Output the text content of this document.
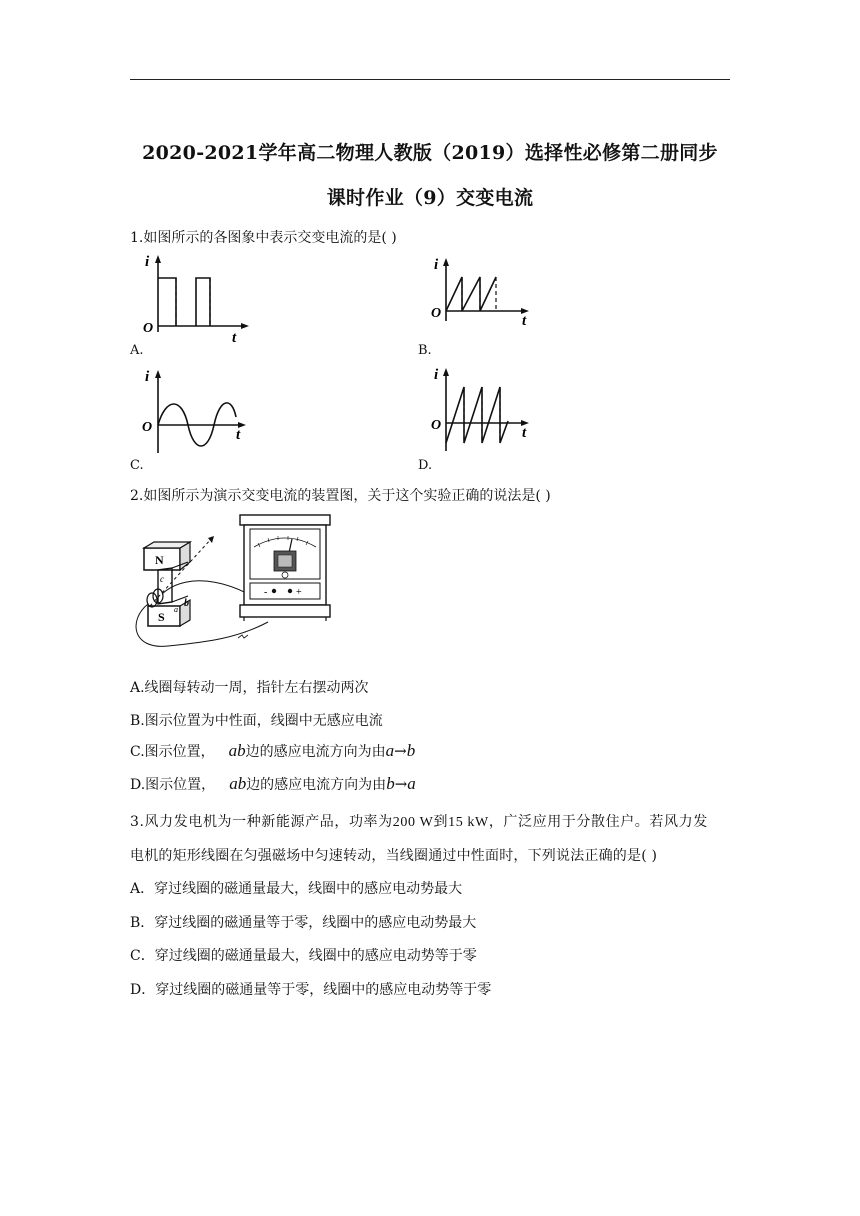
2020-2021学年高二物理人教版（2019）选择性必修第二册同步
课时作业（9）交变电流
1.如图所示的各图象中表示交变电流的是( )
i
t
O
A.
i
t
O
B.
i
t
O
C.
i
t
O
D.
2.如图所示为演示交变电流的装置图，关于这个实验正确的说法是( )
N
S
c
b
a
-	+
A.线圈每转动一周，指针左右摆动两次
B.图示位置为中性面，线圈中无感应电流
C.图示位置， ab边的感应电流方向为由a→b
D.图示位置， ab边的感应电流方向为由b→a
3.风力发电机为一种新能源产品，功率为200 W到15 kW，广泛应用于分散住户。若风力发
电机的矩形线圈在匀强磁场中匀速转动，当线圈通过中性面时，下列说法正确的是( )
A．穿过线圈的磁通量最大，线圈中的感应电动势最大
B．穿过线圈的磁通量等于零，线圈中的感应电动势最大
C．穿过线圈的磁通量最大，线圈中的感应电动势等于零
D．穿过线圈的磁通量等于零，线圈中的感应电动势等于零
